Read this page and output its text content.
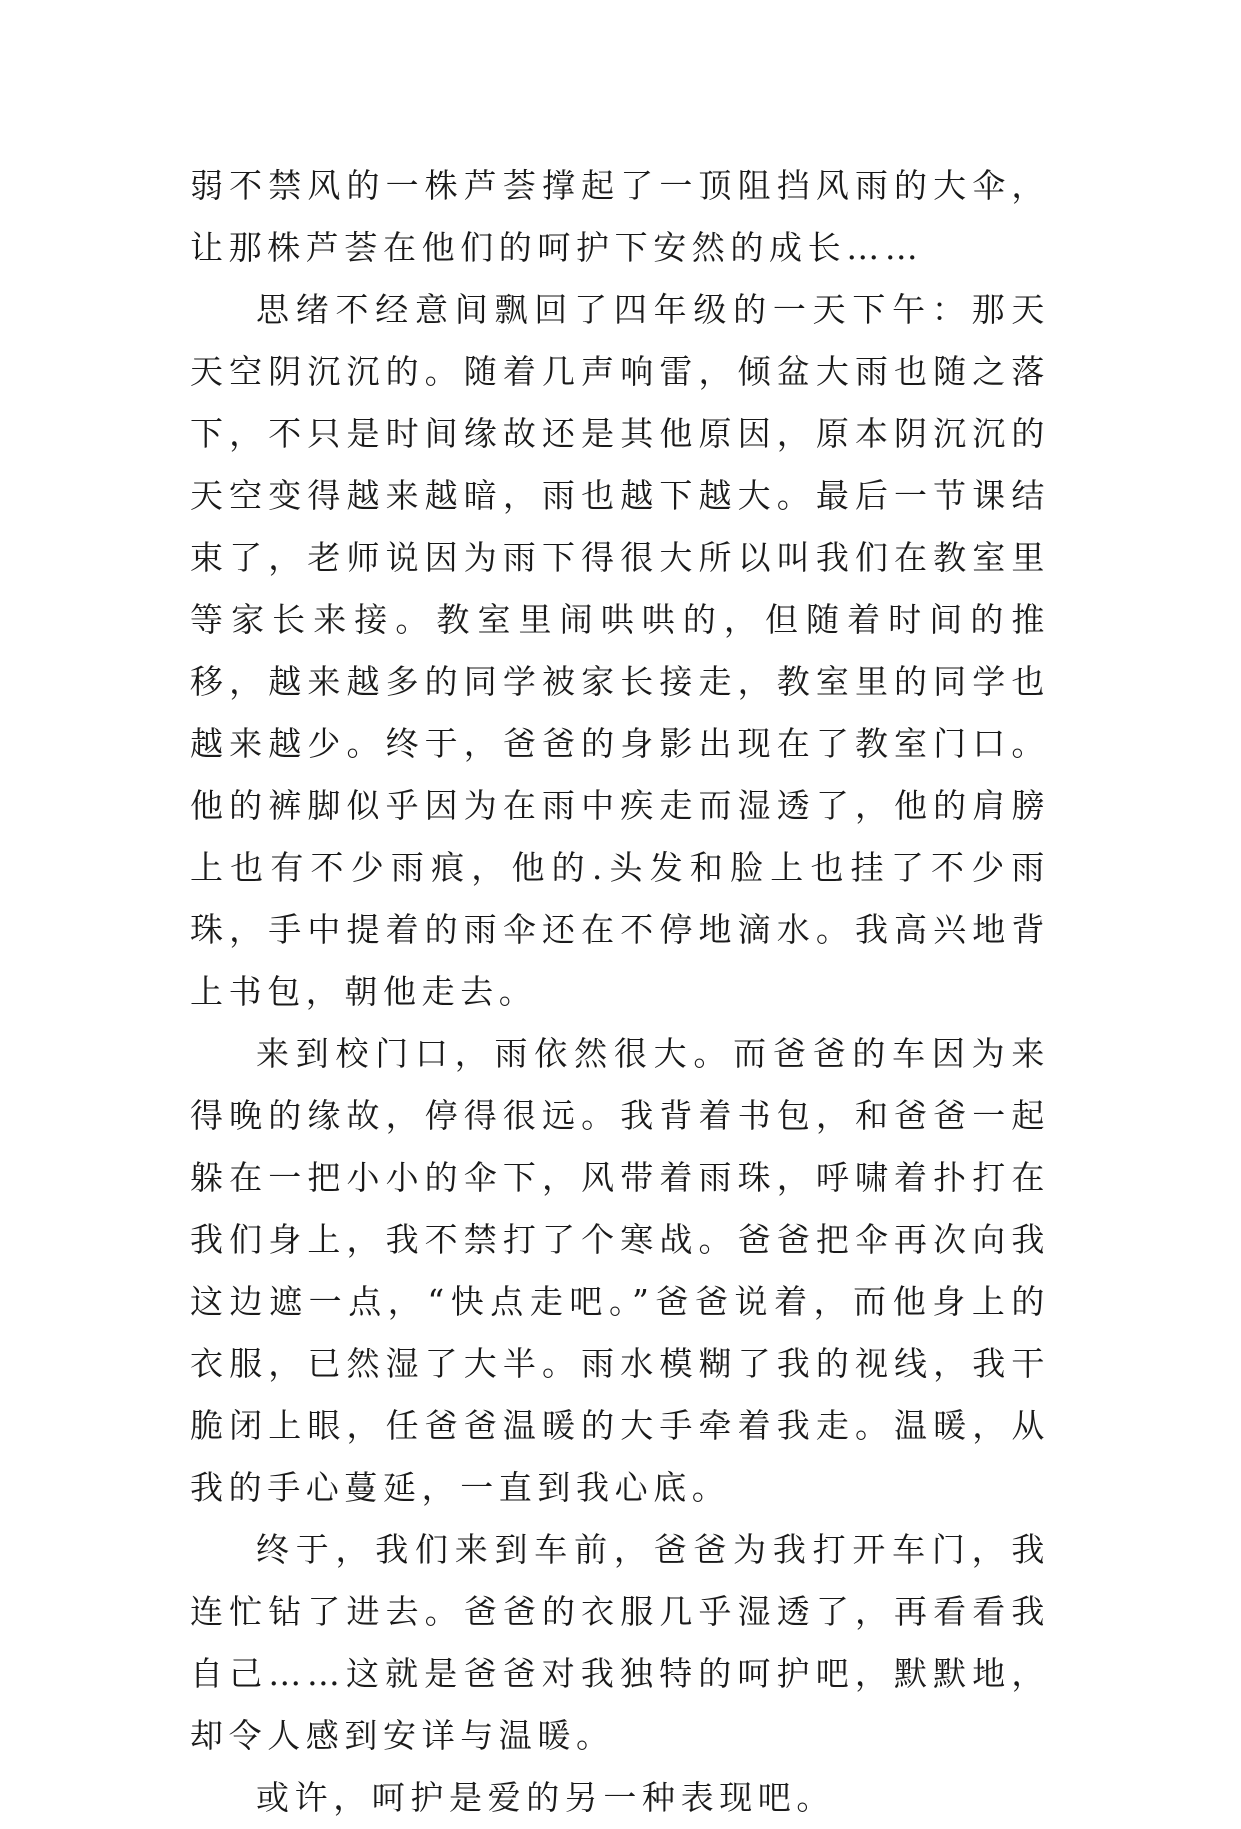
弱不禁风的一株芦荟撑起了一顶阻挡风雨的大伞，让那株芦荟在他们的呵护下安然的成长……

思绪不经意间飘回了四年级的一天下午：那天天空阴沉沉的。随着几声响雷，倾盆大雨也随之落下，不只是时间缘故还是其他原因，原本阴沉沉的天空变得越来越暗，雨也越下越大。最后一节课结束了，老师说因为雨下得很大所以叫我们在教室里等家长来接。教室里闹哄哄的，但随着时间的推移，越来越多的同学被家长接走，教室里的同学也越来越少。终于，爸爸的身影出现在了教室门口。他的裤脚似乎因为在雨中疾走而湿透了，他的肩膀上也有不少雨痕，他的.头发和脸上也挂了不少雨珠，手中提着的雨伞还在不停地滴水。我高兴地背上书包，朝他走去。

来到校门口，雨依然很大。而爸爸的车因为来得晚的缘故，停得很远。我背着书包，和爸爸一起躲在一把小小的伞下，风带着雨珠，呼啸着扑打在我们身上，我不禁打了个寒战。爸爸把伞再次向我这边遮一点，“快点走吧。”爸爸说着，而他身上的衣服，已然湿了大半。雨水模糊了我的视线，我干脆闭上眼，任爸爸温暖的大手牵着我走。温暖，从我的手心蔓延，一直到我心底。

终于，我们来到车前，爸爸为我打开车门，我连忙钻了进去。爸爸的衣服几乎湿透了，再看看我自己……这就是爸爸对我独特的呵护吧，默默地，却令人感到安详与温暖。

或许，呵护是爱的另一种表现吧。
